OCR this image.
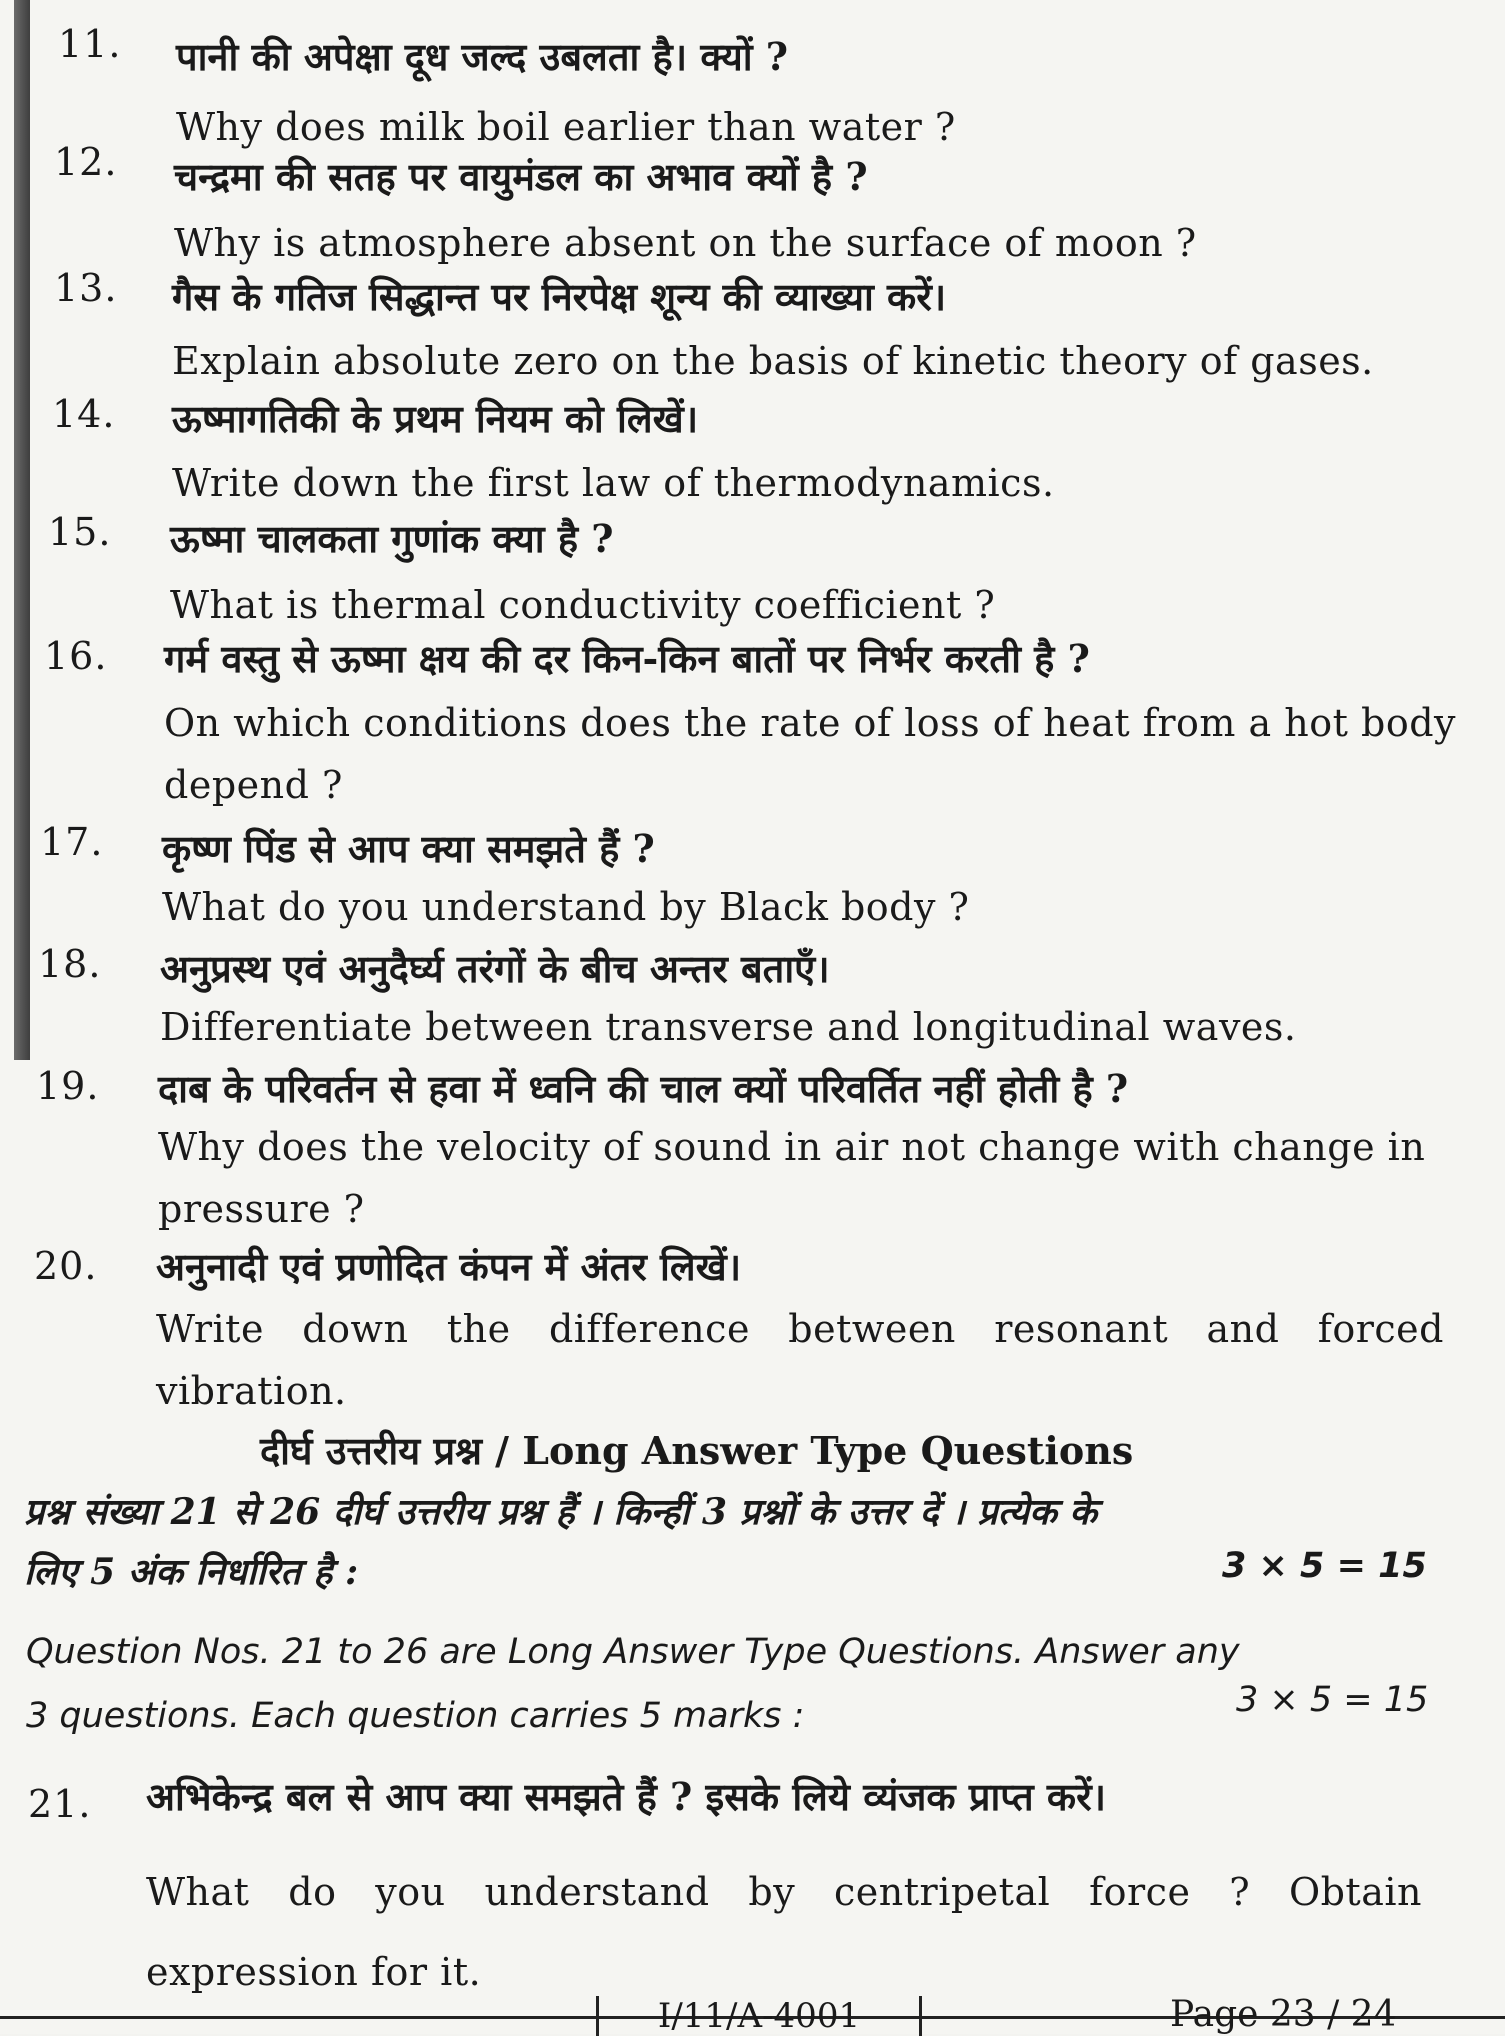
11. पानी की अपेक्षा दूध जल्द उबलता है। क्यों ?
Why does milk boil earlier than water ?
12. चन्द्रमा की सतह पर वायुमंडल का अभाव क्यों है ?
Why is atmosphere absent on the surface of moon ?
13. गैस के गतिज सिद्धान्त पर निरपेक्ष शून्य की व्याख्या करें।
Explain absolute zero on the basis of kinetic theory of gases.
14. ऊष्मागतिकी के प्रथम नियम को लिखें।
Write down the first law of thermodynamics.
15. ऊष्मा चालकता गुणांक क्या है ?
What is thermal conductivity coefficient ?
16. गर्म वस्तु से ऊष्मा क्षय की दर किन-किन बातों पर निर्भर करती है ?
On which conditions does the rate of loss of heat from a hot body depend ?
17. कृष्ण पिंड से आप क्या समझते हैं ?
What do you understand by Black body ?
18. अनुप्रस्थ एवं अनुदैर्घ्य तरंगों के बीच अन्तर बताएँ।
Differentiate between transverse and longitudinal waves.
19. दाब के परिवर्तन से हवा में ध्वनि की चाल क्यों परिवर्तित नहीं होती है ?
Why does the velocity of sound in air not change with change in pressure ?
20. अनुनादी एवं प्रणोदित कंपन में अंतर लिखें।
Write down the difference between resonant and forced vibration.
दीर्घ उत्तरीय प्रश्न / Long Answer Type Questions
प्रश्न संख्या 21 से 26 दीर्घ उत्तरीय प्रश्न हैं । किन्हीं 3 प्रश्नों के उत्तर दें । प्रत्येक के
लिए 5 अंक निर्धारित है :	3 × 5 = 15
Question Nos. 21 to 26 are Long Answer Type Questions. Answer any
3 questions. Each question carries 5 marks :	3 × 5 = 15
21. अभिकेन्द्र बल से आप क्या समझते हैं ? इसके लिये व्यंजक प्राप्त करें।
What do you understand by centripetal force ? Obtain expression for it.
I/11/A-4001	Page 23 / 24
